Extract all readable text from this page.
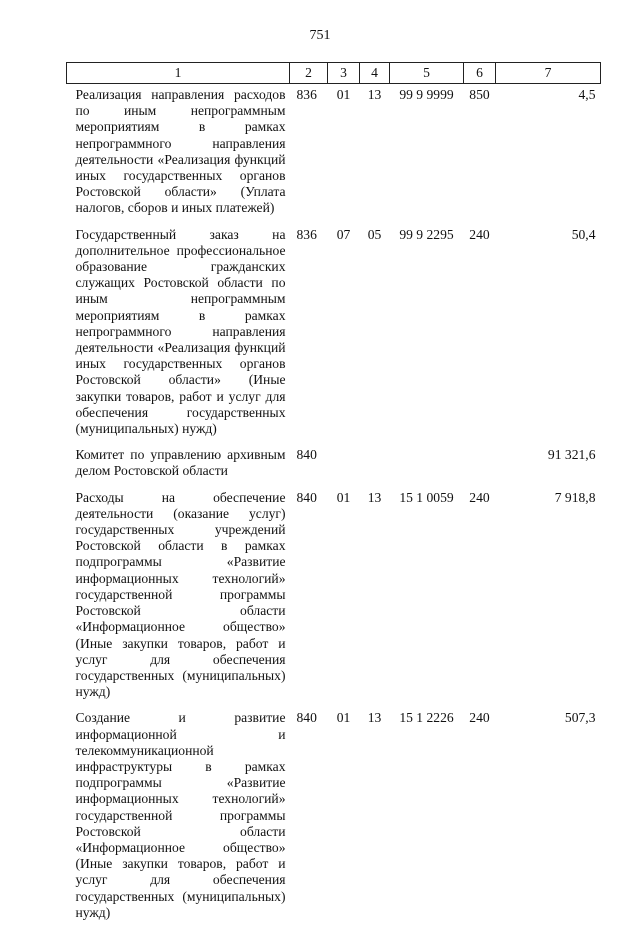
751
1	2	3	4	5	6	7
Реализация направления расходов по иным непрограммным мероприятиям в рамках непрограммного направления деятельности «Реализация функций иных государственных органов Ростовской области» (Уплата налогов, сборов и иных платежей)	836	01	13	99 9 9999	850	4,5
Государственный заказ на дополнительное профессиональное образование гражданских служащих Ростовской области по иным непрограммным мероприятиям в рамках непрограммного направления деятельности «Реализация функций иных государственных органов Ростовской области» (Иные закупки товаров, работ и услуг для обеспечения государственных (муниципальных) нужд)	836	07	05	99 9 2295	240	50,4
Комитет по управлению архивным делом Ростовской области	840					91 321,6
Расходы на обеспечение деятельности (оказание услуг) государственных учреждений Ростовской области в рамках подпрограммы «Развитие информационных технологий» государственной программы Ростовской области «Информационное общество» (Иные закупки товаров, работ и услуг для обеспечения государственных (муниципальных) нужд)	840	01	13	15 1 0059	240	7 918,8
Создание и развитие информационной и телекоммуникационной инфраструктуры в рамках подпрограммы «Развитие информационных технологий» государственной программы Ростовской области «Информационное общество» (Иные закупки товаров, работ и услуг для обеспечения государственных (муниципальных) нужд)	840	01	13	15 1 2226	240	507,3
